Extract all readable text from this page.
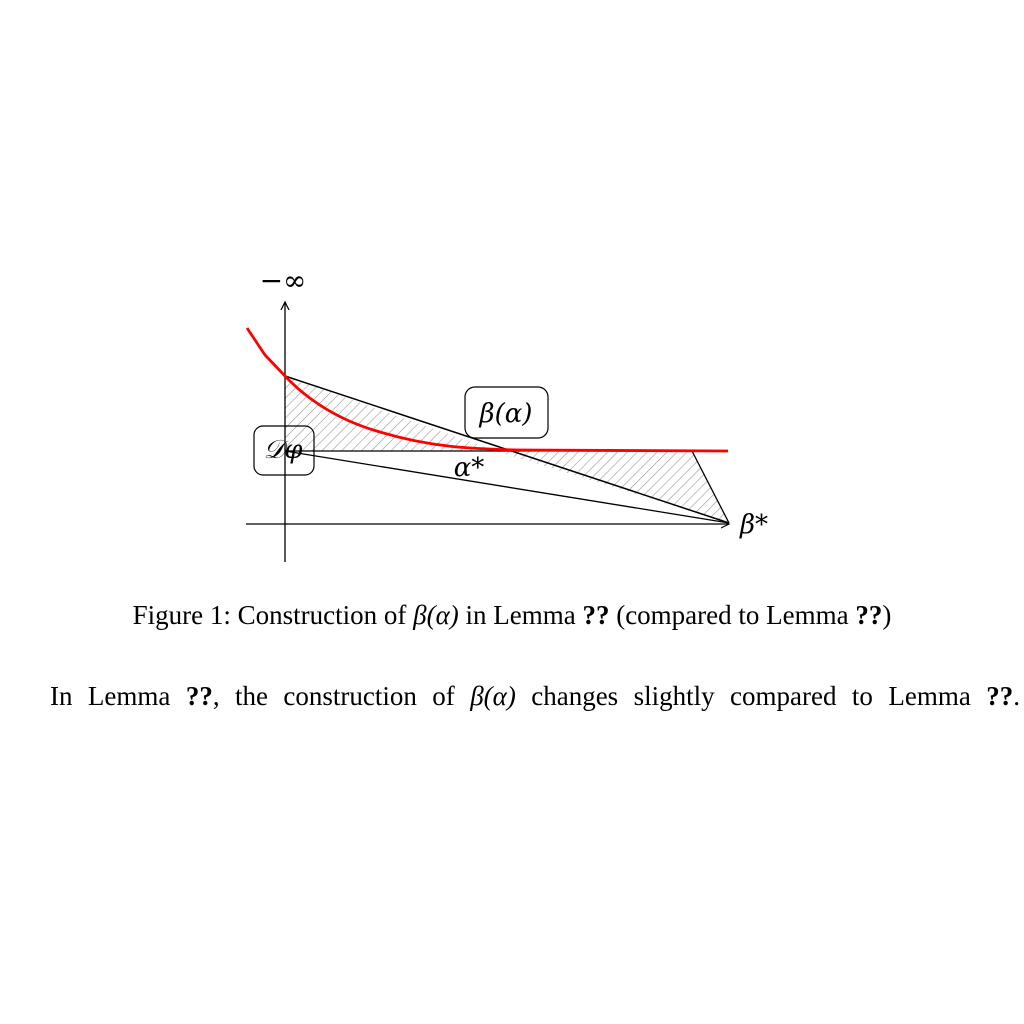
−∞
β*
β(α)
𝒟φ
α*
Figure 1: Construction of β(α) in Lemma ?? (compared to Lemma ??)
In Lemma ??, the construction of β(α) changes slightly compared to Lemma ??.
